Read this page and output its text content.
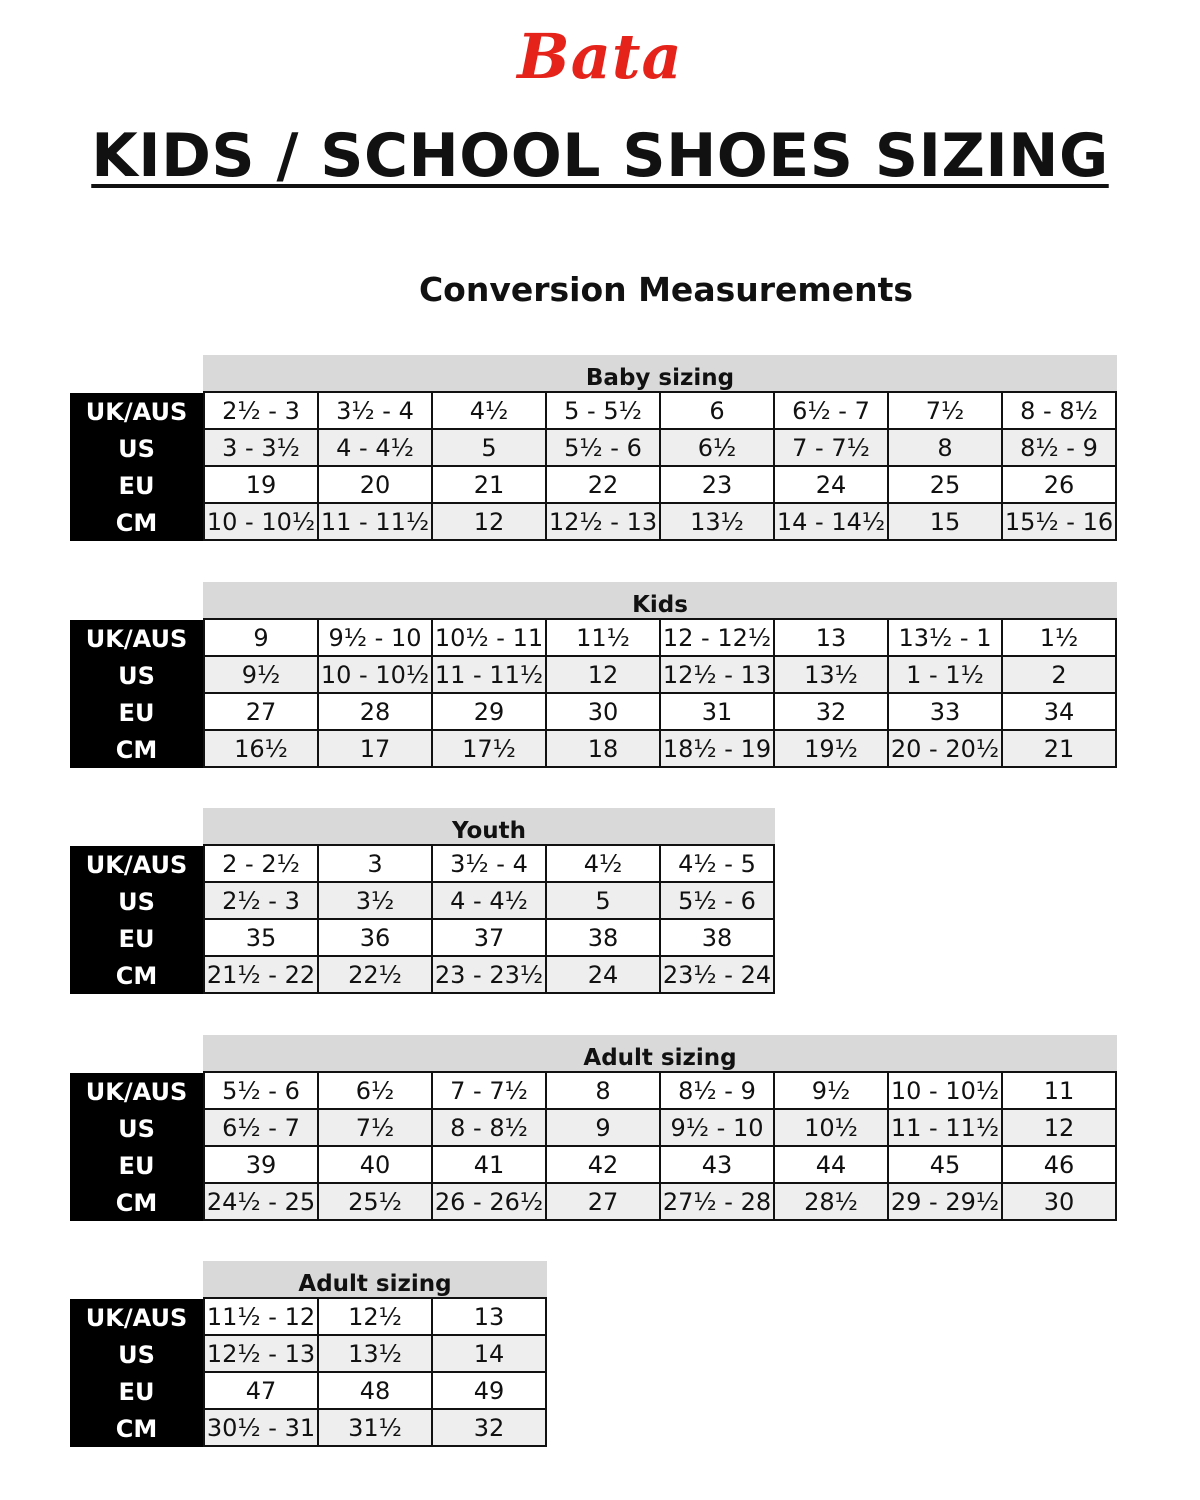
Bata
KIDS / SCHOOL SHOES SIZING
Conversion Measurements
	Baby sizing							
UK/AUS	2½ - 3	3½ - 4	4½	5 - 5½	6	6½ - 7	7½	8 - 8½
US	3 - 3½	4 - 4½	5	5½ - 6	6½	7 - 7½	8	8½ - 9
EU	19	20	21	22	23	24	25	26
CM	10 - 10½	11 - 11½	12	12½ - 13	13½	14 - 14½	15	15½ - 16
	Kids							
UK/AUS	9	9½ - 10	10½ - 11	11½	12 - 12½	13	13½ - 1	1½
US	9½	10 - 10½	11 - 11½	12	12½ - 13	13½	1 - 1½	2
EU	27	28	29	30	31	32	33	34
CM	16½	17	17½	18	18½ - 19	19½	20 - 20½	21
	Youth				
UK/AUS	2 - 2½	3	3½ - 4	4½	4½ - 5
US	2½ - 3	3½	4 - 4½	5	5½ - 6
EU	35	36	37	38	38
CM	21½ - 22	22½	23 - 23½	24	23½ - 24
	Adult sizing							
UK/AUS	5½ - 6	6½	7 - 7½	8	8½ - 9	9½	10 - 10½	11
US	6½ - 7	7½	8 - 8½	9	9½ - 10	10½	11 - 11½	12
EU	39	40	41	42	43	44	45	46
CM	24½ - 25	25½	26 - 26½	27	27½ - 28	28½	29 - 29½	30
	Adult sizing		
UK/AUS	11½ - 12	12½	13
US	12½ - 13	13½	14
EU	47	48	49
CM	30½ - 31	31½	32
